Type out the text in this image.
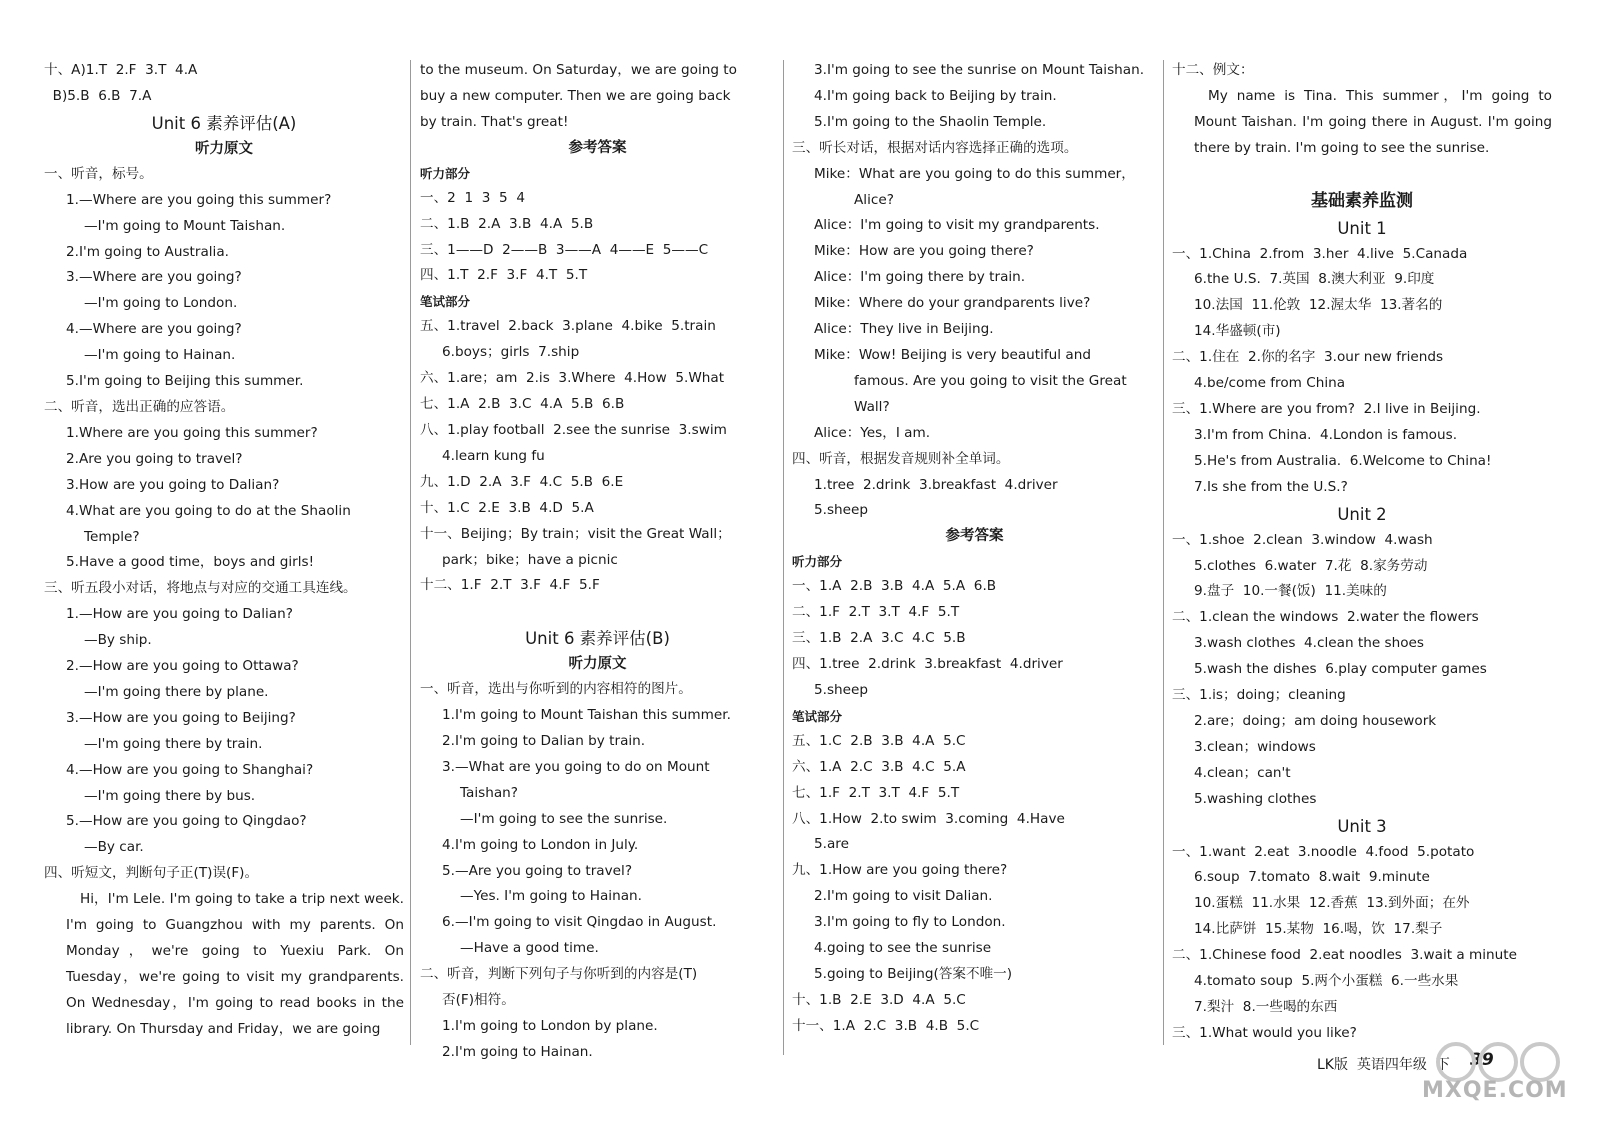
十、A)1.T  2.F  3.T  4.A
B)5.B  6.B  7.A
Unit 6 素养评估(A)
听力原文
一、听音，标号。
1.—Where are you going this summer?
—I'm going to Mount Taishan.
2.I'm going to Australia.
3.—Where are you going?
—I'm going to London.
4.—Where are you going?
—I'm going to Hainan.
5.I'm going to Beijing this summer.
二、听音，选出正确的应答语。
1.Where are you going this summer?
2.Are you going to travel?
3.How are you going to Dalian?
4.What are you going to do at the Shaolin
Temple?
5.Have a good time，boys and girls!
三、听五段小对话，将地点与对应的交通工具连线。
1.—How are you going to Dalian?
—By ship.
2.—How are you going to Ottawa?
—I'm going there by plane.
3.—How are you going to Beijing?
—I'm going there by train.
4.—How are you going to Shanghai?
—I'm going there by bus.
5.—How are you going to Qingdao?
—By car.
四、听短文，判断句子正(T)误(F)。
Hi，I'm Lele. I'm going to take a trip next week. I'm going to Guangzhou with my parents. On Monday，we're going to Yuexiu Park. On Tuesday，we're going to visit my grandparents. On Wednesday，I'm going to read books in the library. On Thursday and Friday，we are going
to the museum. On Saturday，we are going to
buy a new computer. Then we are going back
by train. That's great!
参考答案
听力部分
一、2  1  3  5  4
二、1.B  2.A  3.B  4.A  5.B
三、1——D  2——B  3——A  4——E  5——C
四、1.T  2.F  3.F  4.T  5.T
笔试部分
五、1.travel  2.back  3.plane  4.bike  5.train
6.boys；girls  7.ship
六、1.are；am  2.is  3.Where  4.How  5.What
七、1.A  2.B  3.C  4.A  5.B  6.B
八、1.play football  2.see the sunrise  3.swim
4.learn kung fu
九、1.D  2.A  3.F  4.C  5.B  6.E
十、1.C  2.E  3.B  4.D  5.A
十一、Beijing；By train；visit the Great Wall；
park；bike；have a picnic
十二、1.F  2.T  3.F  4.F  5.F

Unit 6 素养评估(B)
听力原文
一、听音，选出与你听到的内容相符的图片。
1.I'm going to Mount Taishan this summer.
2.I'm going to Dalian by train.
3.—What are you going to do on Mount
Taishan?
—I'm going to see the sunrise.
4.I'm going to London in July.
5.—Are you going to travel?
—Yes. I'm going to Hainan.
6.—I'm going to visit Qingdao in August.
—Have a good time.
二、听音，判断下列句子与你听到的内容是(T)
否(F)相符。
1.I'm going to London by plane.
2.I'm going to Hainan.
3.I'm going to see the sunrise on Mount Taishan.
4.I'm going back to Beijing by train.
5.I'm going to the Shaolin Temple.
三、听长对话，根据对话内容选择正确的选项。
Mike：What are you going to do this summer，
Alice?
Alice：I'm going to visit my grandparents.
Mike：How are you going there?
Alice：I'm going there by train.
Mike：Where do your grandparents live?
Alice：They live in Beijing.
Mike：Wow! Beijing is very beautiful and
famous. Are you going to visit the Great
Wall?
Alice：Yes，I am.
四、听音，根据发音规则补全单词。
1.tree  2.drink  3.breakfast  4.driver
5.sheep
参考答案
听力部分
一、1.A  2.B  3.B  4.A  5.A  6.B
二、1.F  2.T  3.T  4.F  5.T
三、1.B  2.A  3.C  4.C  5.B
四、1.tree  2.drink  3.breakfast  4.driver
5.sheep
笔试部分
五、1.C  2.B  3.B  4.A  5.C
六、1.A  2.C  3.B  4.C  5.A
七、1.F  2.T  3.T  4.F  5.T
八、1.How  2.to swim  3.coming  4.Have
5.are
九、1.How are you going there?
2.I'm going to visit Dalian.
3.I'm going to fly to London.
4.going to see the sunrise
5.going to Beijing(答案不唯一)
十、1.B  2.E  3.D  4.A  5.C
十一、1.A  2.C  3.B  4.B  5.C
十二、例文：
My name is Tina. This summer，I'm going to Mount Taishan. I'm going there in August. I'm going there by train. I'm going to see the sunrise.

基础素养监测
Unit 1
一、1.China  2.from  3.her  4.live  5.Canada
6.the U.S.  7.英国  8.澳大利亚  9.印度
10.法国  11.伦敦  12.渥太华  13.著名的
14.华盛顿(市)
二、1.住在  2.你的名字  3.our new friends
4.be/come from China
三、1.Where are you from?  2.I live in Beijing.
3.I'm from China.  4.London is famous.
5.He's from Australia.  6.Welcome to China!
7.Is she from the U.S.?
Unit 2
一、1.shoe  2.clean  3.window  4.wash
5.clothes  6.water  7.花  8.家务劳动
9.盘子  10.一餐(饭)  11.美味的
二、1.clean the windows  2.water the flowers
3.wash clothes  4.clean the shoes
5.wash the dishes  6.play computer games
三、1.is；doing；cleaning
2.are；doing；am doing housework
3.clean；windows
4.clean；can't
5.washing clothes
Unit 3
一、1.want  2.eat  3.noodle  4.food  5.potato
6.soup  7.tomato  8.wait  9.minute
10.蛋糕  11.水果  12.香蕉  13.到外面；在外
14.比萨饼  15.某物  16.喝，饮  17.梨子
二、1.Chinese food  2.eat noodles  3.wait a minute
4.tomato soup  5.两个小蛋糕  6.一些水果
7.梨汁  8.一些喝的东西
三、1.What would you like?
LK版  英语四年级  下 39
MXQE.COM
